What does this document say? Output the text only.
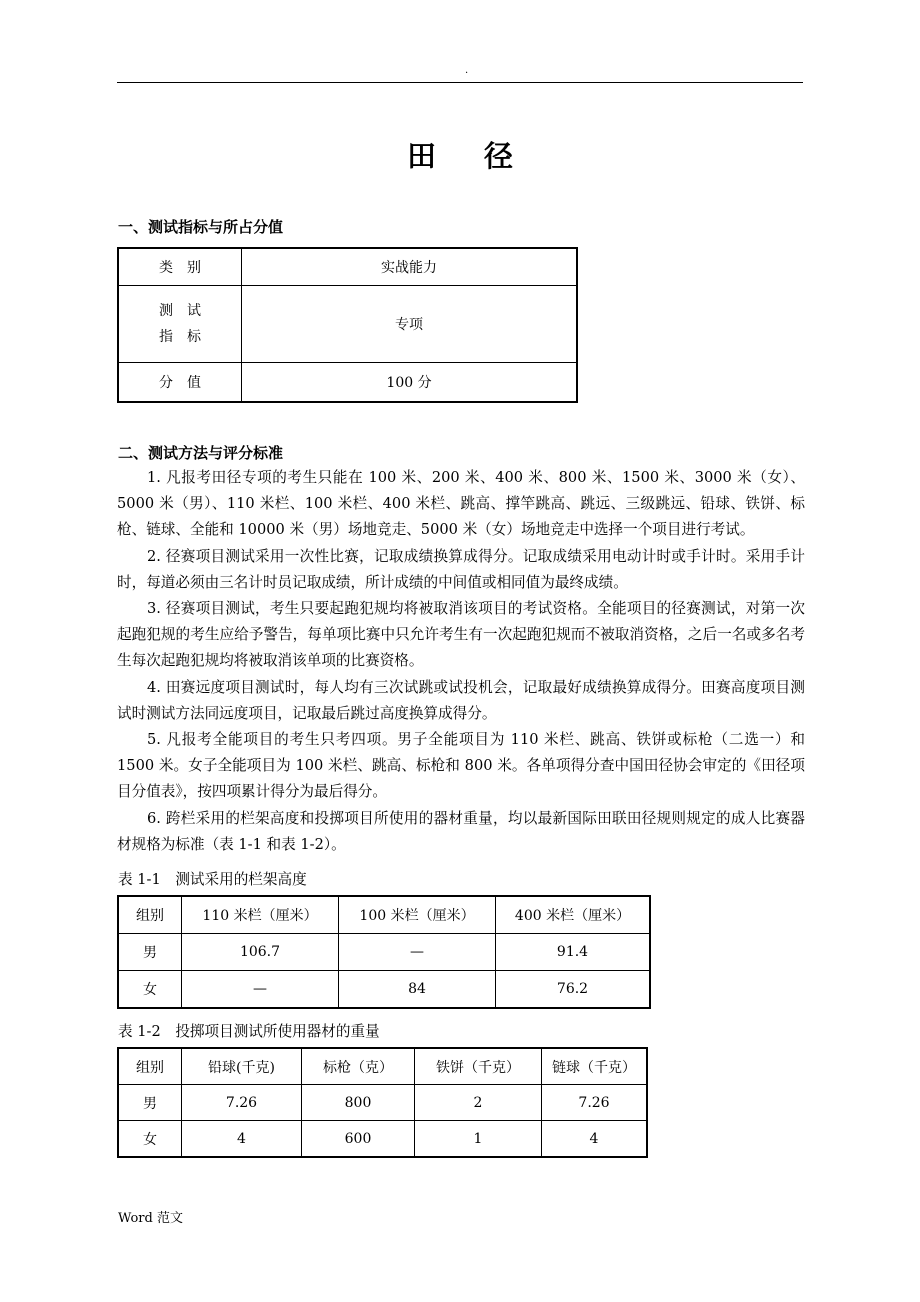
.
田径
一、测试指标与所占分值
类　别	实战能力

测　试
指　标	专项
分　值	100 分
二、测试方法与评分标准

1. 凡报考田径专项的考生只能在 100 米、200 米、400 米、800 米、1500 米、3000 米（女）、5000 米（男）、110 米栏、100 米栏、400 米栏、跳高、撑竿跳高、跳远、三级跳远、铅球、铁饼、标枪、链球、全能和 10000 米（男）场地竞走、5000 米（女）场地竞走中选择一个项目进行考试。

2. 径赛项目测试采用一次性比赛，记取成绩换算成得分。记取成绩采用电动计时或手计时。采用手计时，每道必须由三名计时员记取成绩，所计成绩的中间值或相同值为最终成绩。

3. 径赛项目测试，考生只要起跑犯规均将被取消该项目的考试资格。全能项目的径赛测试，对第一次起跑犯规的考生应给予警告，每单项比赛中只允许考生有一次起跑犯规而不被取消资格，之后一名或多名考生每次起跑犯规均将被取消该单项的比赛资格。

4. 田赛远度项目测试时，每人均有三次试跳或试投机会，记取最好成绩换算成得分。田赛高度项目测试时测试方法同远度项目，记取最后跳过高度换算成得分。

5. 凡报考全能项目的考生只考四项。男子全能项目为 110 米栏、跳高、铁饼或标枪（二选一）和 1500 米。女子全能项目为 100 米栏、跳高、标枪和 800 米。各单项得分查中国田径协会审定的《田径项目分值表》，按四项累计得分为最后得分。

6. 跨栏采用的栏架高度和投掷项目所使用的器材重量，均以最新国际田联田径规则规定的成人比赛器材规格为标准（表 1-1 和表 1-2）。

表 1-1　测试采用的栏架高度
组别	110 米栏（厘米）	100 米栏（厘米）	400 米栏（厘米）
男	106.7	—	91.4
女	—	84	76.2
表 1-2　投掷项目测试所使用器材的重量
组别	铅球(千克)	标枪（克）	铁饼（千克）	链球（千克）
男	7.26	800	2	7.26
女	4	600	1	4
Word 范文
